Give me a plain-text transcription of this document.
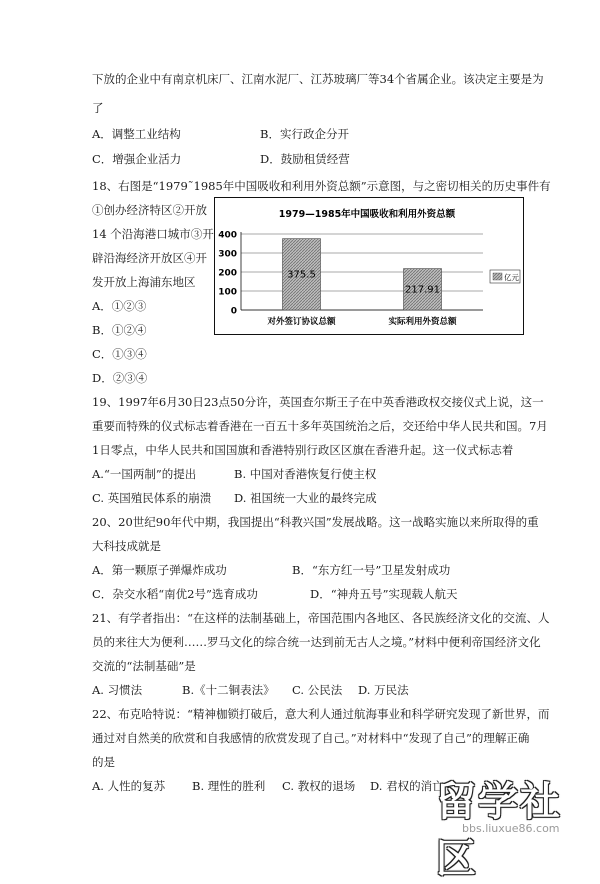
下放的企业中有南京机床厂、江南水泥厂、江苏玻璃厂等34个省属企业。该决定主要是为
了
A．调整工业结构	B．实行政企分开
C．增强企业活力	D．鼓励租赁经营
18、右图是“1979˜1985年中国吸收和利用外资总额”示意图，与之密切相关的历史事件有
①创办经济特区②开放
14 个沿海港口城市③开
辟沿海经济开放区④开
发开放上海浦东地区
A．①②③
B．①②④
C．①③④
D．②③④
1979—1985年中国吸收和利用外资总额
0
100
200
300
400
375.5
对外签订协议总额
217.91
实际利用外资总额
亿元
19、1997年6月30日23点50分许，英国查尔斯王子在中英香港政权交接仪式上说，这一
重要而特殊的仪式标志着香港在一百五十多年英国统治之后，交还给中华人民共和国。7月
1日零点，中华人民共和国国旗和香港特别行政区区旗在香港升起。这一仪式标志着
A.“一国两制”的提出	B. 中国对香港恢复行使主权
C. 英国殖民体系的崩溃 D. 祖国统一大业的最终完成
20、20世纪90年代中期，我国提出“科教兴国”发展战略。这一战略实施以来所取得的重
大科技成就是
A．第一颗原子弹爆炸成功	B．“东方红一号”卫星发射成功
C．杂交水稻“南优2号”选育成功	D．“神舟五号”实现载人航天
21、有学者指出：“在这样的法制基础上，帝国范围内各地区、各民族经济文化的交流、人
员的来往大为便利……罗马文化的综合统一达到前无古人之境。”材料中便利帝国经济文化
交流的“法制基础”是
A. 习惯法	B.《十二铜表法》 C. 公民法 D. 万民法
22、布克哈特说：“精神枷锁打破后，意大利人通过航海事业和科学研究发现了新世界，而
通过对自然美的欣赏和自我感情的欣赏发现了自己。”对材料中“发现了自己”的理解正确
的是
A. 人性的复苏 B. 理性的胜利 C. 教权的退场 D. 君权的消亡
留学社区
bbs.liuxue86.com
